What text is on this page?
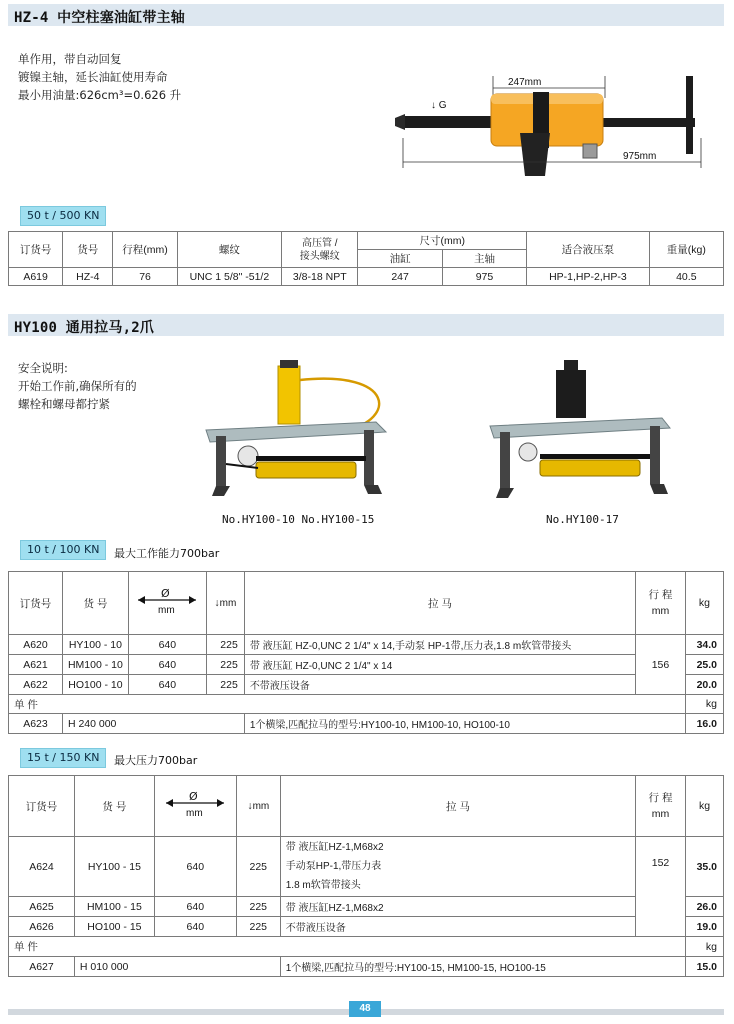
HZ-4 中空柱塞油缸带主轴
单作用，带自动回复
镀镍主轴，延长油缸使用寿命
最小用油量:626cm³=0.626 升
247mm
↓ G
975mm
50 t / 500 KN
订货号	货号	行程(mm)	螺纹	高压管 /
接头螺纹	尺寸(mm)		适合液压泵	重量(kg)
					油缸	主轴		
A619	HZ-4	76	UNC 1 5/8" -51/2	3/8-18 NPT	247	975	HP-1,HP-2,HP-3	40.5
HY100 通用拉马,2爪
安全说明:
开始工作前,确保所有的
螺栓和螺母都拧紧
No.HY100-10 No.HY100-15	No.HY100-17
10 t / 100 KN	最大工作能力700bar
订货号	货 号	Ø
mm	↓mm	拉 马	行 程
mm	kg
A620	HY100 - 10	640	225	带 液压缸 HZ-0,UNC 2 1/4" x 14,手动泵 HP-1带,压力表,1.8 m软管带接头	156	34.0
A621	HM100 - 10	640	225	带 液压缸 HZ-0,UNC 2 1/4" x 14		25.0
A622	HO100 - 10	640	225	不带液压设备		20.0
单 件						kg
A623	H 240 000			1个横梁,匹配拉马的型号:HY100-10, HM100-10, HO100-10		16.0
15 t / 150 KN	最大压力700bar
订货号	货 号	Ø
mm	↓mm	拉 马	行 程
mm	kg
A624	HY100 - 15	640	225	带 液压缸HZ-1,M68x2
手动泵HP-1,带压力表
1.8 m软管带接头	152	35.0
A625	HM100 - 15	640	225	带 液压缸HZ-1,M68x2		26.0
A626	HO100 - 15	640	225	不带液压设备		19.0
单 件						kg
A627	H 010 000			1个横梁,匹配拉马的型号:HY100-15, HM100-15, HO100-15		15.0
48
